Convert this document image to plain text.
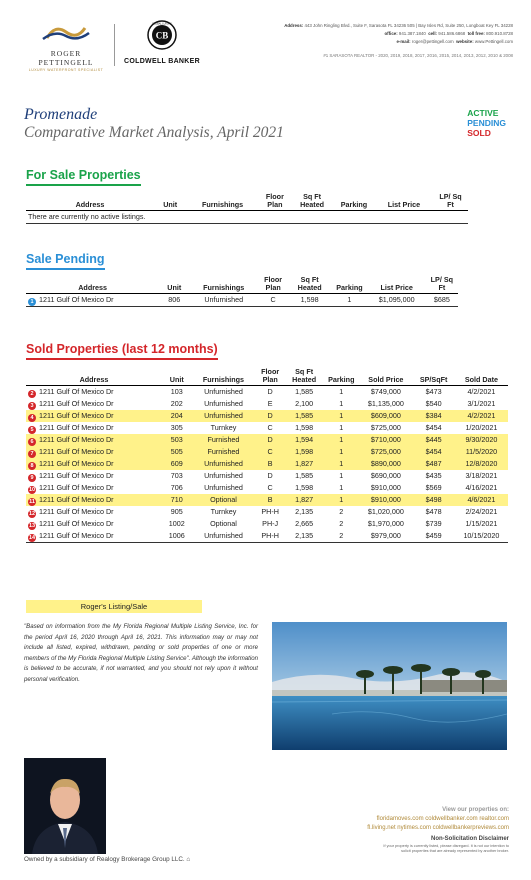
ROGER PETTINGELL
LUXURY WATERFRONT SPECIALIST
CB
GLOBAL LUXURY
COLDWELL BANKER
Address: 443 John Ringling Blvd., Suite F, Sarasota FL 34236 505 | Bay Isles Rd, Suite 250, Longboat Key FL 34228
office: 941.387.1840 cell: 941.586.6868 toll free: 800.910.8728
e-mail: roger@pettingell.com website: www.Pettingell.com
#1 SARASOTA REALTOR - 2020, 2019, 2018, 2017, 2016, 2015, 2014, 2013, 2012, 2010 & 2008
Promenade
Comparative Market Analysis, April 2021
ACTIVE
PENDING
SOLD
For Sale Properties
Address	Unit	Furnishings	Floor Plan	Sq Ft Heated	Parking	List Price	LP/ Sq Ft
There are currently no active listings.
Sale Pending
Address	Unit	Furnishings	Floor Plan	Sq Ft Heated	Parking	List Price	LP/ Sq Ft
1 1211 Gulf Of Mexico Dr	806	Unfurnished	C	1,598	1	$1,095,000	$685
Sold Properties (last 12 months)
Address	Unit	Furnishings	Floor Plan	Sq Ft Heated	Parking	Sold Price	SP/SqFt	Sold Date
2 1211 Gulf Of Mexico Dr	103	Unfurnished	D	1,585	1	$749,000	$473	4/2/2021
3 1211 Gulf Of Mexico Dr	202	Unfurnished	E	2,100	1	$1,135,000	$540	3/1/2021
4 1211 Gulf Of Mexico Dr	204	Unfurnished	D	1,585	1	$609,000	$384	4/2/2021
5 1211 Gulf Of Mexico Dr	305	Turnkey	C	1,598	1	$725,000	$454	1/20/2021
6 1211 Gulf Of Mexico Dr	503	Furnished	D	1,594	1	$710,000	$445	9/30/2020
7 1211 Gulf Of Mexico Dr	505	Furnished	C	1,598	1	$725,000	$454	11/5/2020
8 1211 Gulf Of Mexico Dr	609	Unfurnished	B	1,827	1	$890,000	$487	12/8/2020
9 1211 Gulf Of Mexico Dr	703	Unfurnished	D	1,585	1	$690,000	$435	3/18/2021
10 1211 Gulf Of Mexico Dr	706	Unfurnished	C	1,598	1	$910,000	$569	4/16/2021
11 1211 Gulf Of Mexico Dr	710	Optional	B	1,827	1	$910,000	$498	4/6/2021
12 1211 Gulf Of Mexico Dr	905	Turnkey	PH-H	2,135	2	$1,020,000	$478	2/24/2021
13 1211 Gulf Of Mexico Dr	1002	Optional	PH-J	2,665	2	$1,970,000	$739	1/15/2021
14 1211 Gulf Of Mexico Dr	1006	Unfurnished	PH-H	2,135	2	$979,000	$459	10/15/2020
Roger's Listing/Sale
"Based on information from the My Florida Regional Multiple Listing Service, Inc. for the period April 16, 2020 through April 16, 2021. This information may or may not include all listed, expired, withdrawn, pending or sold properties of one or more members of the My Florida Regional Multiple Listing Service". Although the information is believed to be accurate, if not warranted, and you should not rely upon it without personal verification.
Owned by a subsidiary of Realogy Brokerage Group LLC. ⌂
View our properties on:
floridamoves.com coldwellbanker.com realtor.com
fl.living.net nytimes.com coldwellbankerpreviews.com
Non-Solicitation Disclaimer
If your property is currently listed, please disregard. It is not our intention to
solicit properties that are already represented by another broker.
